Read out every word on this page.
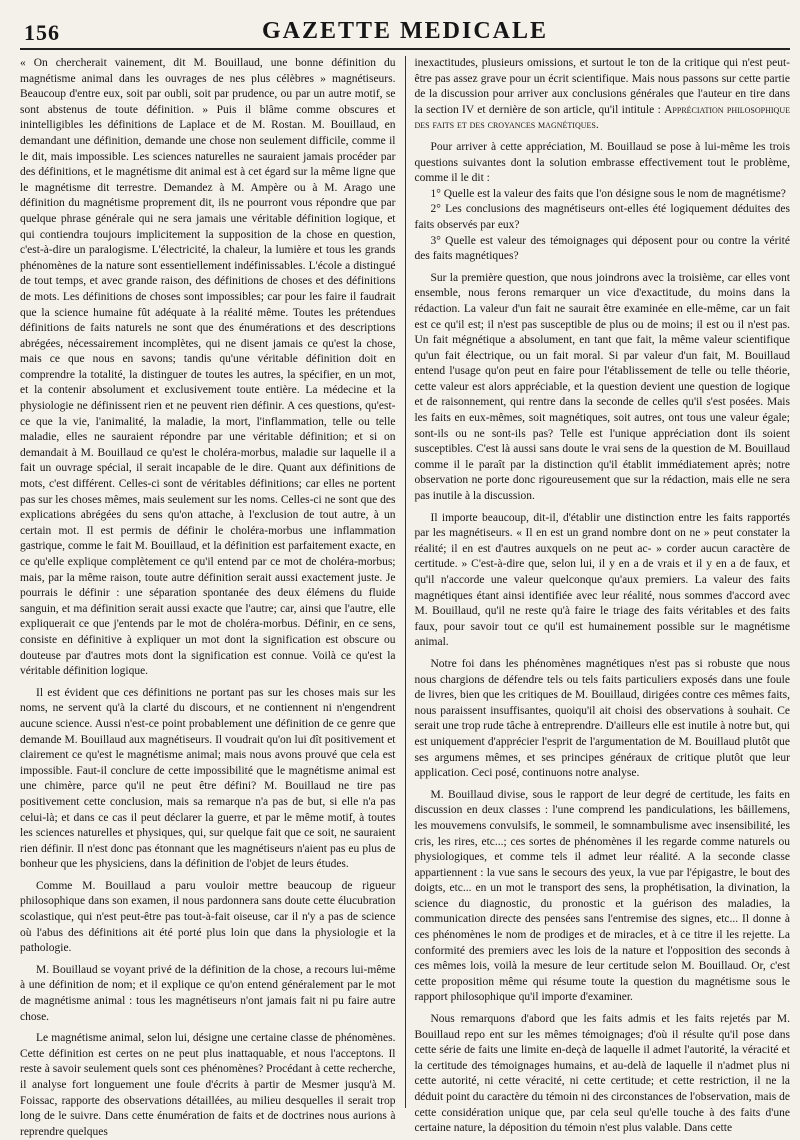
156	GAZETTE MEDICALE

« On chercherait vainement, dit M. Bouillaud, une bonne définition du magnétisme animal dans les ouvrages de nes plus célèbres » magnétiseurs. Beaucoup d'entre eux, soit par oubli, soit par prudence, ou par un autre motif, se sont abstenus de toute définition. » Puis il blâme comme obscures et inintelligibles les définitions de Laplace et de M. Rostan. M. Bouillaud, en demandant une définition, demande une chose non seulement difficile, comme il le dit, mais impossible. Les sciences naturelles ne sauraient jamais procéder par des définitions, et le magnétisme dit animal est à cet égard sur la même ligne que le magnétisme dit terrestre. Demandez à M. Ampère ou à M. Arago une définition du magnétisme proprement dit, ils ne pourront vous répondre que par quelque phrase générale qui ne sera jamais une véritable définition logique, et qui contiendra toujours implicitement la supposition de la chose en question, c'est-à-dire un paralogisme. L'électricité, la chaleur, la lumière et tous les grands phénomènes de la nature sont essentiellement indéfinissables. L'école a distingué de tout temps, et avec grande raison, des définitions de choses et des définitions de mots. Les définitions de choses sont impossibles; car pour les faire il faudrait que la science humaine fût adéquate à la réalité même. Toutes les prétendues définitions de faits naturels ne sont que des énumérations et des descriptions abrégées, nécessairement incomplètes, qui ne disent jamais ce qu'est la chose, mais ce que nous en savons; tandis qu'une véritable définition doit en comprendre la totalité, la distinguer de toutes les autres, la spécifier, en un mot, et la contenir absolument et exclusivement toute entière. La médecine et la physiologie ne définissent rien et ne peuvent rien définir. A ces questions, qu'est-ce que la vie, l'animalité, la maladie, la mort, l'inflammation, telle ou telle maladie, elles ne sauraient répondre par une véritable définition; et si on demandait à M. Bouillaud ce qu'est le choléra-morbus, maladie sur laquelle il a fait un ouvrage spécial, il serait incapable de le dire. Quant aux définitions de mots, c'est différent. Celles-ci sont de véritables définitions; car elles ne portent pas sur les choses mêmes, mais seulement sur les noms. Celles-ci ne sont que des explications abrégées du sens qu'on attache, à l'exclusion de tout autre, à un certain mot. Il est permis de définir le choléra-morbus une inflammation gastrique, comme le fait M. Bouillaud, et la définition est parfaitement exacte, en ce qu'elle explique complètement ce qu'il entend par ce mot de choléra-morbus; mais, par la même raison, toute autre définition serait aussi exactement juste. Je pourrais le définir : une séparation spontanée des deux élémens du fluide sanguin, et ma définition serait aussi exacte que l'autre; car, ainsi que l'autre, elle expliquerait ce que j'entends par le mot de choléra-morbus. Définir, en ce sens, consiste en définitive à expliquer un mot dont la signification est obscure ou douteuse par d'autres mots dont la signification est connue. Voilà ce qu'est la véritable définition logique.

Il est évident que ces définitions ne portant pas sur les choses mais sur les noms, ne servent qu'à la clarté du discours, et ne contiennent ni n'engendrent aucune science. Aussi n'est-ce point probablement une définition de ce genre que demande M. Bouillaud aux magnétiseurs. Il voudrait qu'on lui dît positivement et clairement ce qu'est le magnétisme animal; mais nous avons prouvé que cela est impossible. Faut-il conclure de cette impossibilité que le magnétisme animal est une chimère, parce qu'il ne peut être défini? M. Bouillaud ne tire pas positivement cette conclusion, mais sa remarque n'a pas de but, si elle n'a pas celui-là; et dans ce cas il peut déclarer la guerre, et par le même motif, à toutes les sciences naturelles et physiques, qui, sur quelque fait que ce soit, ne sauraient rien définir. Il n'est donc pas étonnant que les magnétiseurs n'aient pas eu plus de bonheur que les physiciens, dans la définition de l'objet de leurs études.

Comme M. Bouillaud a paru vouloir mettre beaucoup de rigueur philosophique dans son examen, il nous pardonnera sans doute cette élucubration scolastique, qui n'est peut-être pas tout-à-fait oiseuse, car il n'y a pas de science où l'abus des définitions ait été porté plus loin que dans la physiologie et la pathologie.

M. Bouillaud se voyant privé de la définition de la chose, a recours lui-même à une définition de nom; et il explique ce qu'on entend généralement par le mot de magnétisme animal : tous les magnétiseurs n'ont jamais fait ni pu faire autre chose.

Le magnétisme animal, selon lui, désigne une certaine classe de phénomènes. Cette définition est certes on ne peut plus inattaquable, et nous l'acceptons. Il reste à savoir seulement quels sont ces phénomènes? Procédant à cette recherche, il analyse fort longuement une foule d'écrits à partir de Mesmer jusqu'à M. Foissac, rapporte des observations détaillées, au milieu desquelles il serait trop long de le suivre. Dans cette énumération de faits et de doctrines nous aurions à reprendre quelques

inexactitudes, plusieurs omissions, et surtout le ton de la critique qui n'est peut-être pas assez grave pour un écrit scientifique. Mais nous passons sur cette partie de la discussion pour arriver aux conclusions générales que l'auteur en tire dans la section IV et dernière de son article, qu'il intitule : Appréciation philosophique des faits et des croyances magnétiques.

Pour arriver à cette appréciation, M. Bouillaud se pose à lui-même les trois questions suivantes dont la solution embrasse effectivement tout le problème, comme il le dit :

1° Quelle est la valeur des faits que l'on désigne sous le nom de magnétisme?
2° Les conclusions des magnétiseurs ont-elles été logiquement déduites des faits observés par eux?
3° Quelle est valeur des témoignages qui déposent pour ou contre la vérité des faits magnétiques?

Sur la première question, que nous joindrons avec la troisième, car elles vont ensemble, nous ferons remarquer un vice d'exactitude, du moins dans la rédaction. La valeur d'un fait ne saurait être examinée en elle-même, car un fait est ce qu'il est; il n'est pas susceptible de plus ou de moins; il est ou il n'est pas. Un fait mégnétique a absolument, en tant que fait, la même valeur scientifique qu'un fait électrique, ou un fait moral. Si par valeur d'un fait, M. Bouillaud entend l'usage qu'on peut en faire pour l'établissement de telle ou telle théorie, cette valeur est alors appréciable, et la question devient une question de logique et de raisonnement, qui rentre dans la seconde de celles qu'il s'est posées. Mais les faits en eux-mêmes, soit magnétiques, soit autres, ont tous une valeur égale; sont-ils ou ne sont-ils pas? Telle est l'unique appréciation dont ils soient susceptibles. C'est là aussi sans doute le vrai sens de la question de M. Bouillaud comme il le paraît par la distinction qu'il établit immédiatement après; notre observation ne porte donc rigoureusement que sur la rédaction, mais elle ne sera pas inutile à la discussion.

Il importe beaucoup, dit-il, d'établir une distinction entre les faits rapportés par les magnétiseurs. « Il en est un grand nombre dont on ne » peut constater la réalité; il en est d'autres auxquels on ne peut ac- » corder aucun caractère de certitude. » C'est-à-dire que, selon lui, il y en a de vrais et il y en a de faux, et qu'il n'accorde une valeur quelconque qu'aux premiers. La valeur des faits magnétiques étant ainsi identifiée avec leur réalité, nous sommes d'accord avec M. Bouillaud, qu'il ne reste qu'à faire le triage des faits véritables et des faits faux, pour savoir tout ce qu'il est humainement possible sur le magnétisme animal.

Notre foi dans les phénomènes magnétiques n'est pas si robuste que nous nous chargions de défendre tels ou tels faits particuliers exposés dans une foule de livres, bien que les critiques de M. Bouillaud, dirigées contre ces mêmes faits, nous paraissent insuffisantes, quoiqu'il ait choisi des observations à souhait. Ce serait une trop rude tâche à entreprendre. D'ailleurs elle est inutile à notre but, qui est uniquement d'apprécier l'esprit de l'argumentation de M. Bouillaud plutôt que ses argumens mêmes, et ses principes généraux de critique plutôt que leur application. Ceci posé, continuons notre analyse.

M. Bouillaud divise, sous le rapport de leur degré de certitude, les faits en discussion en deux classes : l'une comprend les pandiculations, les bâillemens, les mouvemens convulsifs, le sommeil, le somnambulisme avec insensibilité, les cris, les rires, etc...; ces sortes de phénomènes il les regarde comme naturels ou physiologiques, et comme tels il admet leur réalité. A la seconde classe appartiennent : la vue sans le secours des yeux, la vue par l'épigastre, le bout des doigts, etc... en un mot le transport des sens, la prophétisation, la divination, la science du diagnostic, du pronostic et la guérison des maladies, la communication directe des pensées sans l'entremise des signes, etc... Il donne à ces phénomènes le nom de prodiges et de miracles, et à ce titre il les rejette. La conformité des premiers avec les lois de la nature et l'opposition des seconds à ces mêmes lois, voilà la mesure de leur certitude selon M. Bouillaud. Or, c'est cette proposition même qui résume toute la question du magnétisme sous le rapport philosophique qu'il importe d'examiner.

Nous remarquons d'abord que les faits admis et les faits rejetés par M. Bouillaud repo ent sur les mêmes témoignages; d'où il résulte qu'il pose dans cette série de faits une limite en-deçà de laquelle il admet l'autorité, la véracité et la certitude des témoignages humains, et au-delà de laquelle il n'admet plus ni cette autorité, ni cette véracité, ni cette certitude; et cette restriction, il ne la déduit point du caractère du témoin ni des circonstances de l'observation, mais de cette considération unique que, par cela seul qu'elle touche à des faits d'une certaine nature, la déposition du témoin n'est plus valable. Dans cette
